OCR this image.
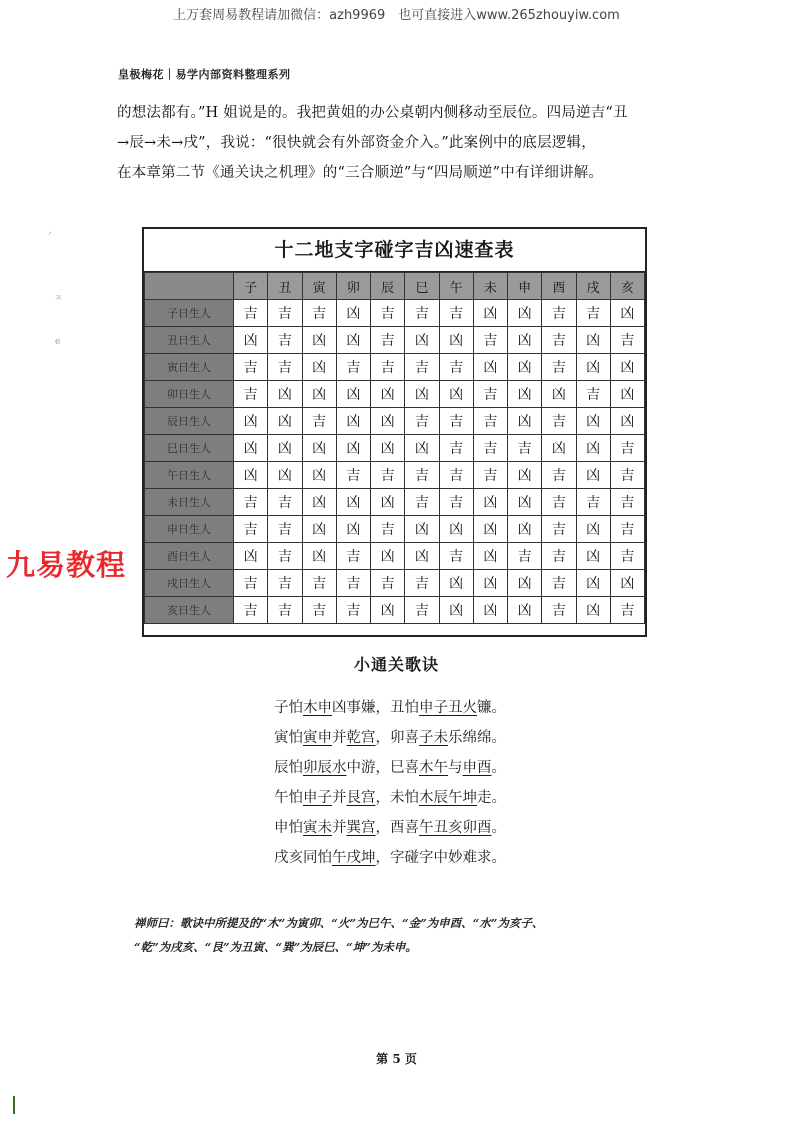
上万套周易教程请加微信：azh9969　也可直接进入www.265zhouyiw.com
皇极梅花｜易学内部资料整理系列
的想法都有。”H 姐说是的。我把黄姐的办公桌朝内侧移动至辰位。四局逆吉“丑
→辰→未→戌”，我说：“很快就会有外部资金介入。”此案例中的底层逻辑，
在本章第二节《通关诀之机理》的“三合顺逆”与“四局顺逆”中有详细讲解。
ᐟ
ㅈ
e
十二地支字碰字吉凶速查表
	子	丑	寅	卯	辰	巳	午	未	申	酉	戌	亥
子日生人	吉	吉	吉	凶	吉	吉	吉	凶	凶	吉	吉	凶
丑日生人	凶	吉	凶	凶	吉	凶	凶	吉	凶	吉	凶	吉
寅日生人	吉	吉	凶	吉	吉	吉	吉	凶	凶	吉	凶	凶
卯日生人	吉	凶	凶	凶	凶	凶	凶	吉	凶	凶	吉	凶
辰日生人	凶	凶	吉	凶	凶	吉	吉	吉	凶	吉	凶	凶
巳日生人	凶	凶	凶	凶	凶	凶	吉	吉	吉	凶	凶	吉
午日生人	凶	凶	凶	吉	吉	吉	吉	吉	凶	吉	凶	吉
未日生人	吉	吉	凶	凶	凶	吉	吉	凶	凶	吉	吉	吉
申日生人	吉	吉	凶	凶	吉	凶	凶	凶	凶	吉	凶	吉
酉日生人	凶	吉	凶	吉	凶	凶	吉	凶	吉	吉	凶	吉
戌日生人	吉	吉	吉	吉	吉	吉	凶	凶	凶	吉	凶	凶
亥日生人	吉	吉	吉	吉	凶	吉	凶	凶	凶	吉	凶	吉
九易教程
小通关歌诀
子怕木申凶事嫌，丑怕申子丑火镰。
寅怕寅申并乾宫，卯喜子未乐绵绵。
辰怕卯辰水中游，巳喜木午与申酉。
午怕申子并艮宫，未怕木辰午坤走。
申怕寅未并巽宫，酉喜午丑亥卯酉。
戌亥同怕午戌坤，字碰字中妙难求。
禅师曰：歌诀中所提及的“木”为寅卯、“火”为巳午、“金”为申酉、“水”为亥子、
“乾”为戌亥、“艮”为丑寅、“巽”为辰巳、“坤”为未申。
第 5 页
